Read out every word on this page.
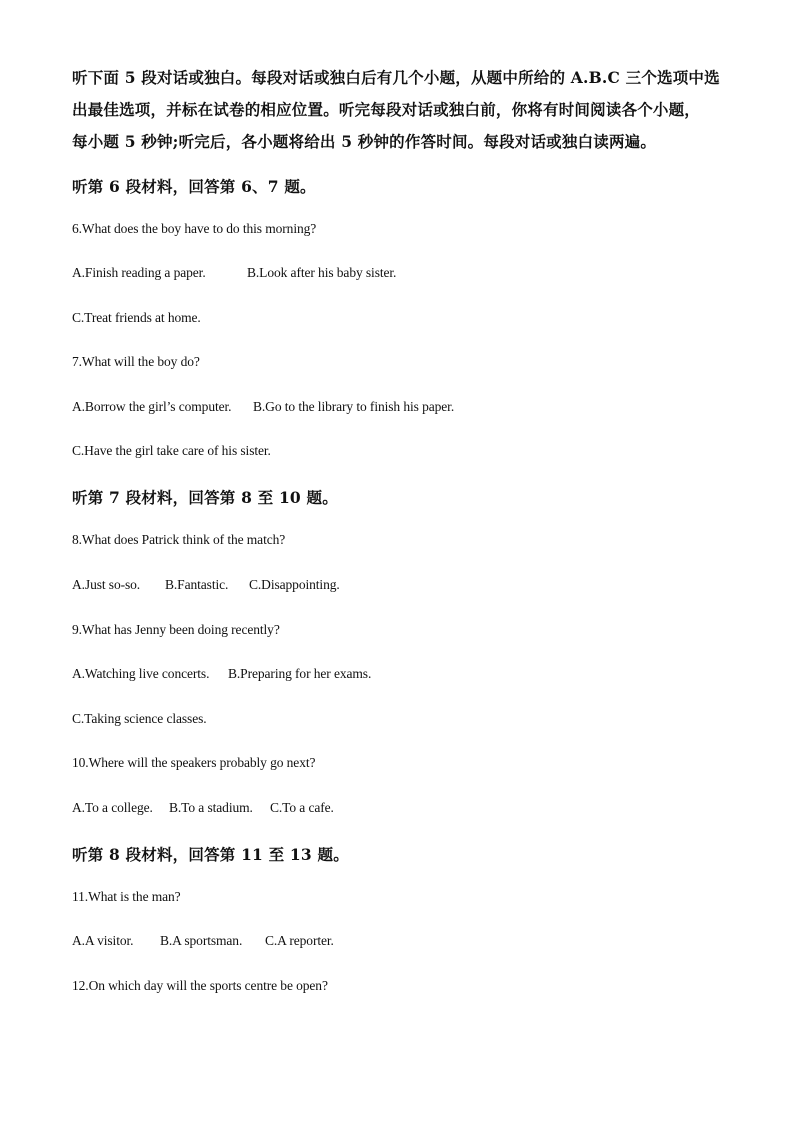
听下面 5 段对话或独白。每段对话或独白后有几个小题，从题中所给的 A.B.C 三个选项中选
出最佳选项，并标在试卷的相应位置。听完每段对话或独白前，你将有时间阅读各个小题，
每小题 5 秒钟;听完后，各小题将给出 5 秒钟的作答时间。每段对话或独白读两遍。
听第 6 段材料，回答第 6、7 题。
6.What does the boy have to do this morning?
A.Finish reading a paper.	B.Look after his baby sister.
C.Treat friends at home.
7.What will the boy do?
A.Borrow the girl’s computer. B.Go to the library to finish his paper.
C.Have the girl take care of his sister.
听第 7 段材料，回答第 8 至 10 题。
8.What does Patrick think of the match?
A.Just so-so. B.Fantastic. C.Disappointing.
9.What has Jenny been doing recently?
A.Watching live concerts. B.Preparing for her exams.
C.Taking science classes.
10.Where will the speakers probably go next?
A.To a college. B.To a stadium. C.To a cafe.
听第 8 段材料，回答第 11 至 13 题。
11.What is the man?
A.A visitor. B.A sportsman. C.A reporter.
12.On which day will the sports centre be open?
